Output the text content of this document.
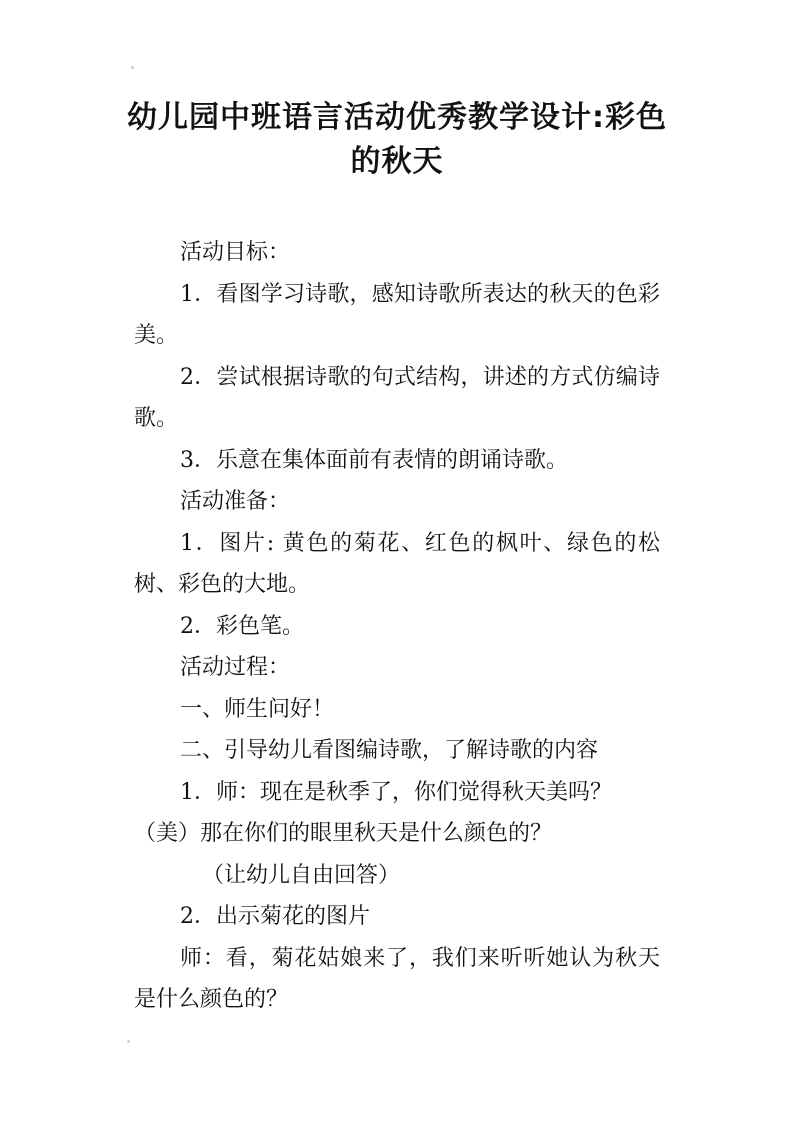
幼儿园中班语言活动优秀教学设计:彩色的秋天

活动目标：

1．看图学习诗歌，感知诗歌所表达的秋天的色彩美。

2．尝试根据诗歌的句式结构，讲述的方式仿编诗歌。

3．乐意在集体面前有表情的朗诵诗歌。

活动准备：

1．图片: 黄色的菊花、红色的枫叶、绿色的松树、彩色的大地。

2．彩色笔。

活动过程：

一、师生问好！

二、引导幼儿看图编诗歌，了解诗歌的内容

1．师：现在是秋季了，你们觉得秋天美吗？

（美）那在你们的眼里秋天是什么颜色的？

（让幼儿自由回答）

2．出示菊花的图片

师：看，菊花姑娘来了，我们来听听她认为秋天是什么颜色的？
